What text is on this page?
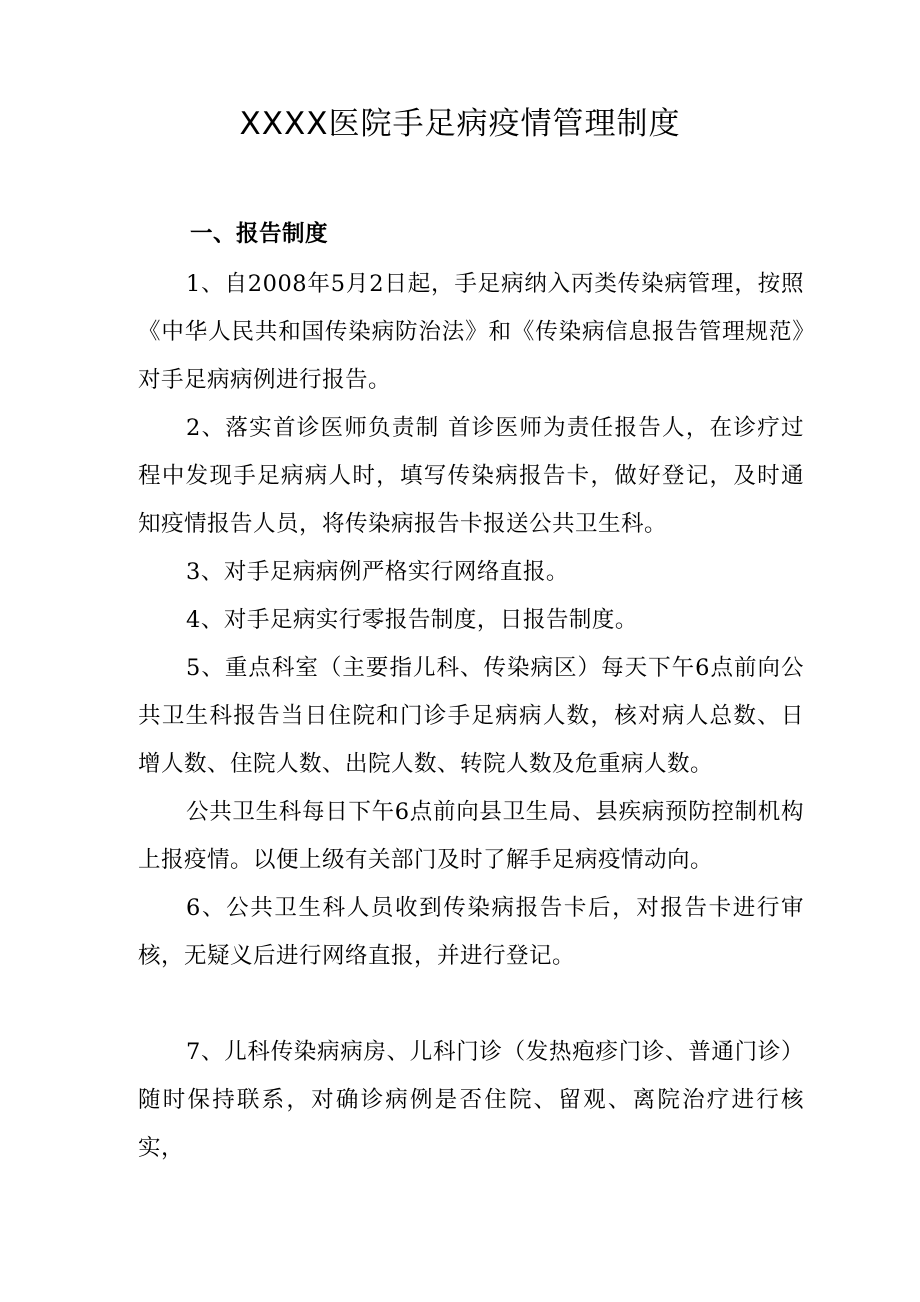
XXXX医院手足病疫情管理制度

一、报告制度

1、自2008年5月2日起，手足病纳入丙类传染病管理，按照《中华人民共和国传染病防治法》和《传染病信息报告管理规范》对手足病病例进行报告。

2、落实首诊医师负责制 首诊医师为责任报告人，在诊疗过程中发现手足病病人时，填写传染病报告卡，做好登记，及时通知疫情报告人员，将传染病报告卡报送公共卫生科。

3、对手足病病例严格实行网络直报。

4、对手足病实行零报告制度，日报告制度。

5、重点科室（主要指儿科、传染病区）每天下午6点前向公共卫生科报告当日住院和门诊手足病病人数，核对病人总数、日增人数、住院人数、出院人数、转院人数及危重病人数。

公共卫生科每日下午6点前向县卫生局、县疾病预防控制机构上报疫情。以便上级有关部门及时了解手足病疫情动向。

6、公共卫生科人员收到传染病报告卡后，对报告卡进行审核，无疑义后进行网络直报，并进行登记。

7、儿科传染病病房、儿科门诊（发热疱疹门诊、普通门诊）随时保持联系，对确诊病例是否住院、留观、离院治疗进行核实，
